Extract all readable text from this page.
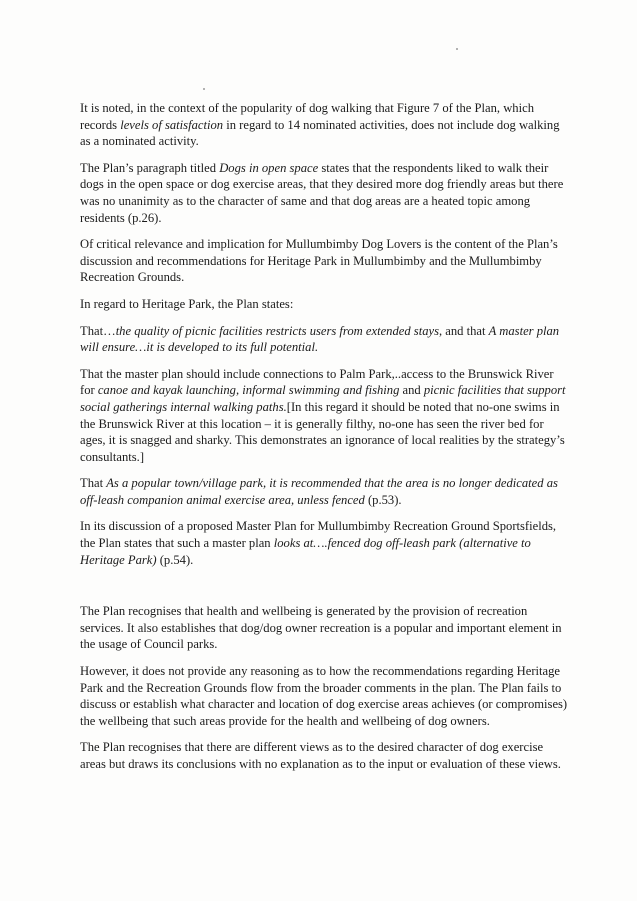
It is noted, in the context of the popularity of dog walking that Figure 7 of the Plan, which records levels of satisfaction in regard to 14 nominated activities, does not include dog walking as a nominated activity.

The Plan’s paragraph titled Dogs in open space states that the respondents liked to walk their dogs in the open space or dog exercise areas, that they desired more dog friendly areas but there was no unanimity as to the character of same and that dog areas are a heated topic among residents (p.26).

Of critical relevance and implication for Mullumbimby Dog Lovers is the content of the Plan’s discussion and recommendations for Heritage Park in Mullumbimby and the Mullumbimby Recreation Grounds.

In regard to Heritage Park, the Plan states:

That…the quality of picnic facilities restricts users from extended stays, and that A master plan will ensure…it is developed to its full potential.

That the master plan should include connections to Palm Park,..access to the Brunswick River for canoe and kayak launching, informal swimming and fishing and picnic facilities that support social gatherings internal walking paths.[In this regard it should be noted that no-one swims in the Brunswick River at this location – it is generally filthy, no-one has seen the river bed for ages, it is snagged and sharky. This demonstrates an ignorance of local realities by the strategy’s consultants.]

That As a popular town/village park, it is recommended that the area is no longer dedicated as off-leash companion animal exercise area, unless fenced (p.53).

In its discussion of a proposed Master Plan for Mullumbimby Recreation Ground Sportsfields, the Plan states that such a master plan looks at….fenced dog off-leash park (alternative to Heritage Park) (p.54).

The Plan recognises that health and wellbeing is generated by the provision of recreation services. It also establishes that dog/dog owner recreation is a popular and important element in the usage of Council parks.

However, it does not provide any reasoning as to how the recommendations regarding Heritage Park and the Recreation Grounds flow from the broader comments in the plan. The Plan fails to discuss or establish what character and location of dog exercise areas achieves (or compromises) the wellbeing that such areas provide for the health and wellbeing of dog owners.

The Plan recognises that there are different views as to the desired character of dog exercise areas but draws its conclusions with no explanation as to the input or evaluation of these views.
